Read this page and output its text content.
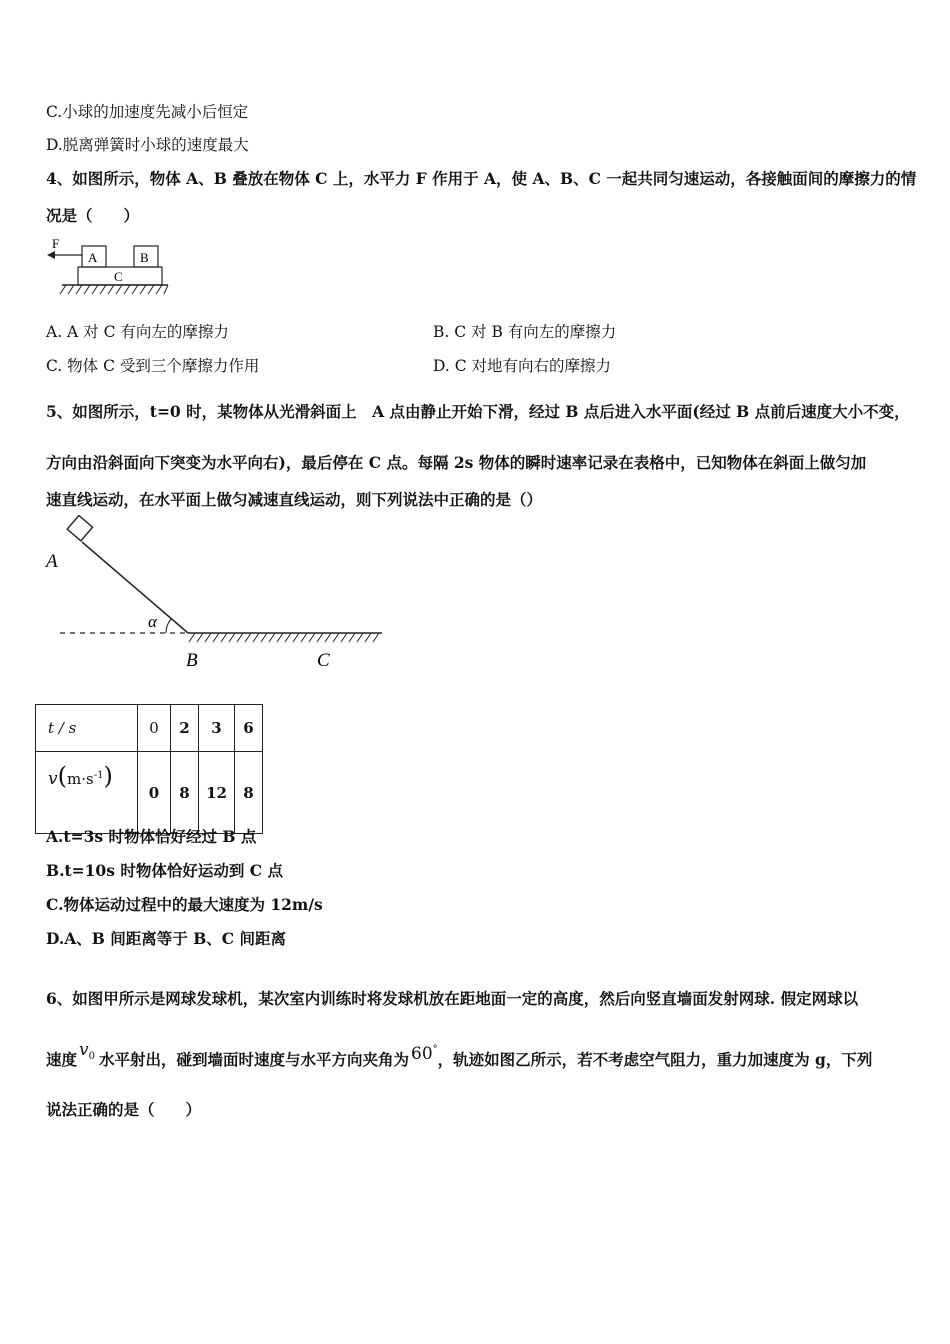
C.小球的加速度先减小后恒定
D.脱离弹簧时小球的速度最大
4、如图所示，物体 A、B 叠放在物体 C 上，水平力 F 作用于 A，使 A、B、C 一起共同匀速运动，各接触面间的摩擦力的情
况是（　　）
F
A	B
C
A. A 对 C 有向左的摩擦力	B. C 对 B 有向左的摩擦力
C. 物体 C 受到三个摩擦力作用	D. C 对地有向右的摩擦力
5、如图所示，t=0 时，某物体从光滑斜面上　A 点由静止开始下滑，经过 B 点后进入水平面(经过 B 点前后速度大小不变，
方向由沿斜面向下突变为水平向右)，最后停在 C 点。每隔 2s 物体的瞬时速率记录在表格中，已知物体在斜面上做匀加
速直线运动，在水平面上做匀减速直线运动，则下列说法中正确的是（）
α
A
B	C
t / s	0	2	3	6
$v(m\cdot s^{-1})$	0	8	12	8
A.t=3s 时物体恰好经过 B 点
B.t=10s 时物体恰好运动到 C 点
C.物体运动过程中的最大速度为 12m/s
D.A、B 间距离等于 B、C 间距离
6、如图甲所示是网球发球机，某次室内训练时将发球机放在距地面一定的高度，然后向竖直墙面发射网球. 假定网球以
速度 $v^0$ 水平射出，碰到墙面时速度与水平方向夹角为 60°，轨迹如图乙所示，若不考虑空气阻力，重力加速度为 g，下列
说法正确的是（　　）
